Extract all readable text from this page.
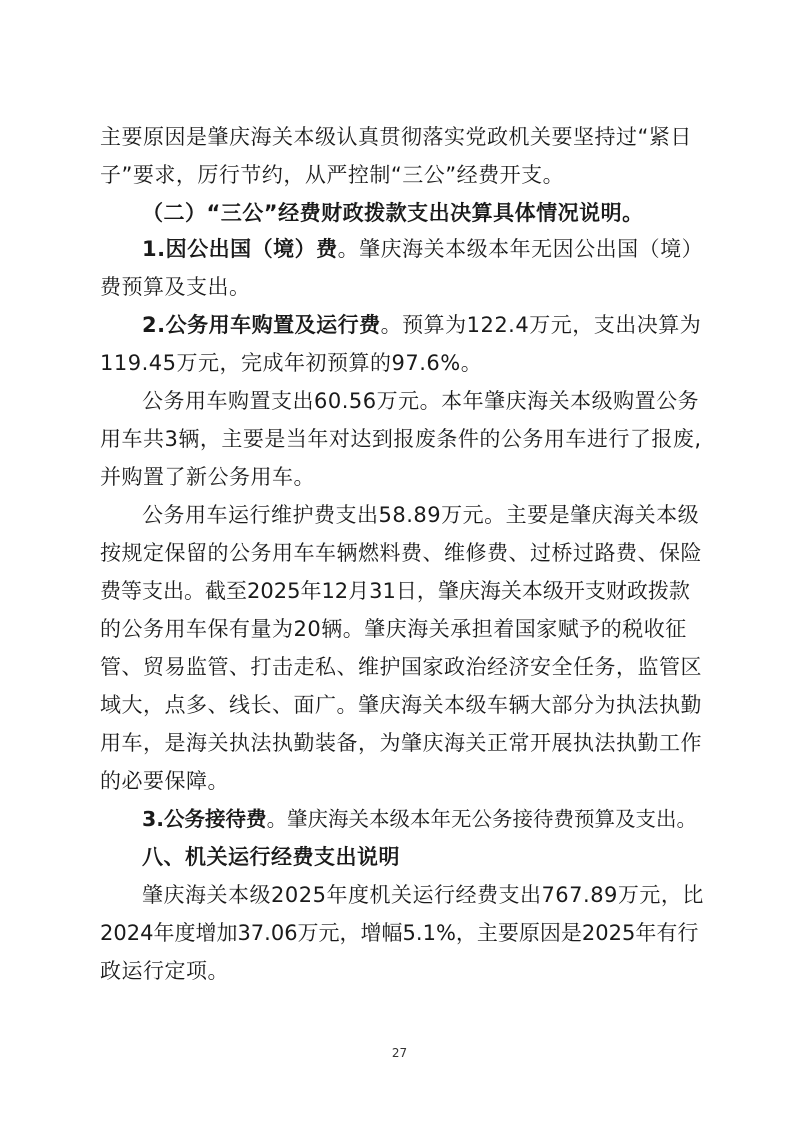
主要原因是肇庆海关本级认真贯彻落实党政机关要坚持过“紧日
子”要求，厉行节约，从严控制“三公”经费开支。
（二）“三公”经费财政拨款支出决算具体情况说明。
1.因公出国（境）费。肇庆海关本级本年无因公出国（境）
费预算及支出。
2.公务用车购置及运行费。预算为122.4万元，支出决算为
119.45万元，完成年初预算的97.6%。
公务用车购置支出60.56万元。本年肇庆海关本级购置公务
用车共3辆，主要是当年对达到报废条件的公务用车进行了报废,
并购置了新公务用车。
公务用车运行维护费支出58.89万元。主要是肇庆海关本级
按规定保留的公务用车车辆燃料费、维修费、过桥过路费、保险
费等支出。截至2025年12月31日，肇庆海关本级开支财政拨款
的公务用车保有量为20辆。肇庆海关承担着国家赋予的税收征
管、贸易监管、打击走私、维护国家政治经济安全任务，监管区
域大，点多、线长、面广。肇庆海关本级车辆大部分为执法执勤
用车，是海关执法执勤装备，为肇庆海关正常开展执法执勤工作
的必要保障。
3.公务接待费。肇庆海关本级本年无公务接待费预算及支出。
八、机关运行经费支出说明
肇庆海关本级2025年度机关运行经费支出767.89万元，比
2024年度增加37.06万元，增幅5.1%，主要原因是2025年有行
政运行定项。
27
